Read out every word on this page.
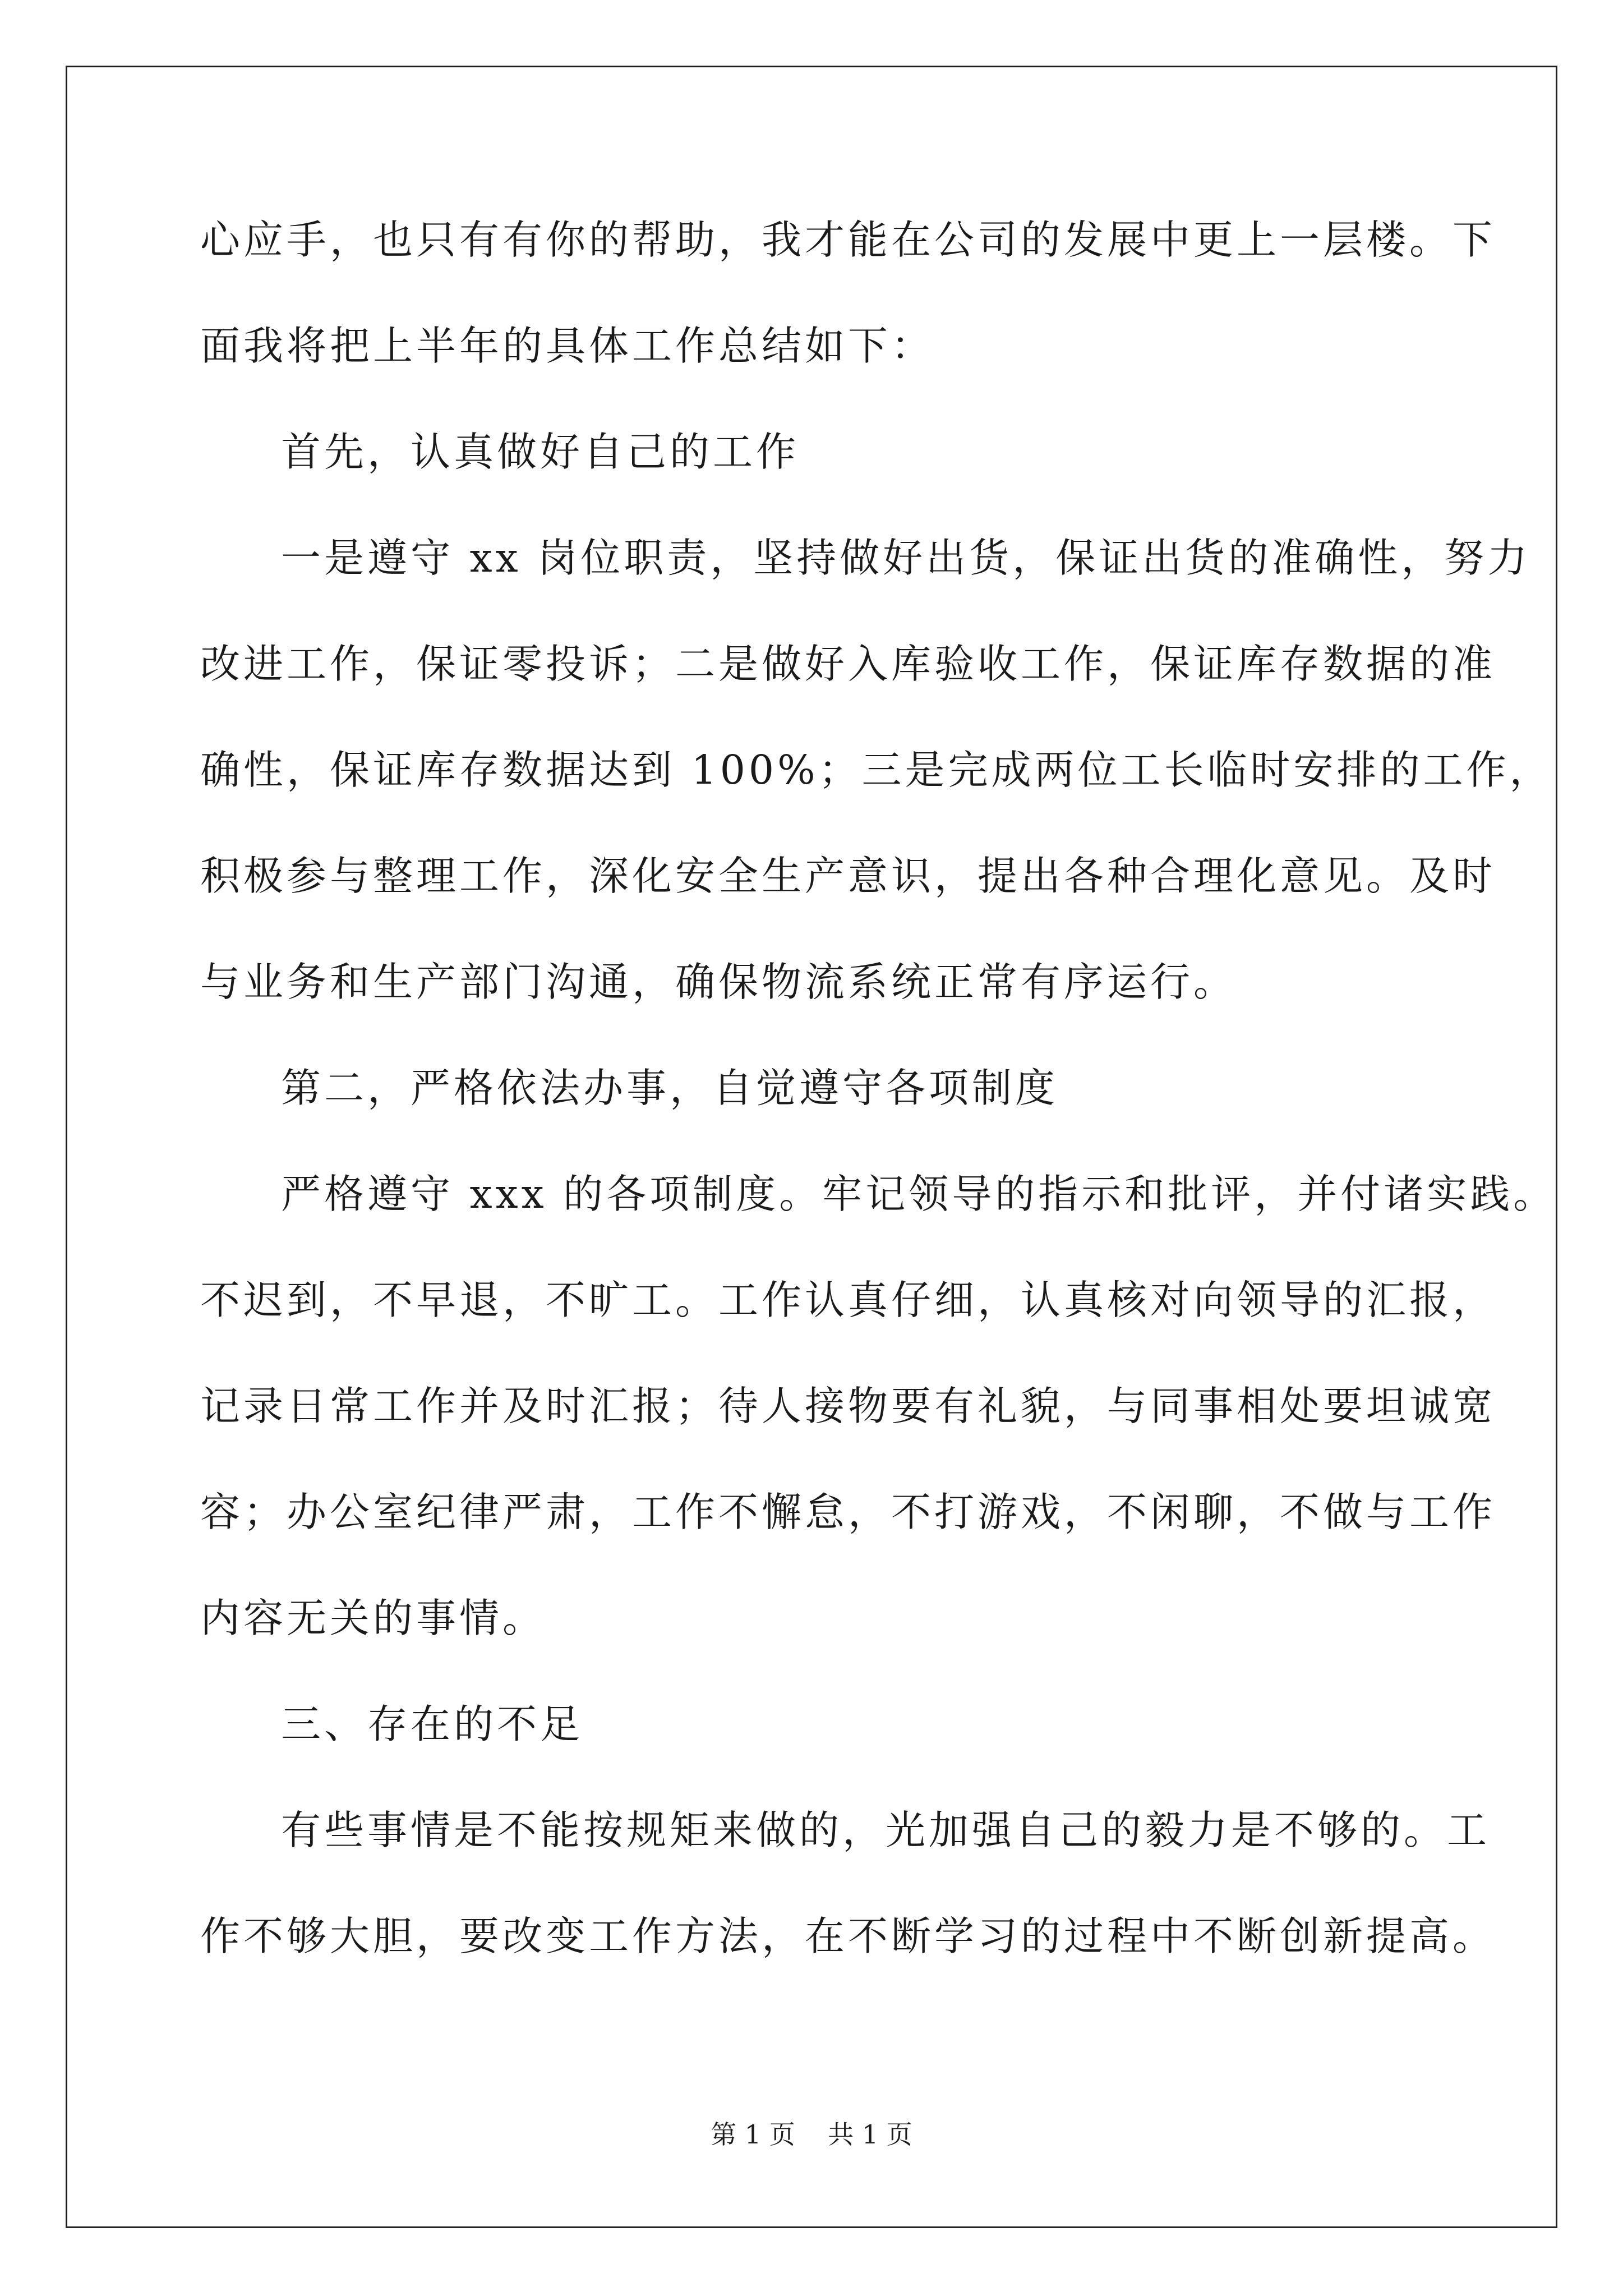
心应手，也只有有你的帮助，我才能在公司的发展中更上一层楼。下
面我将把上半年的具体工作总结如下：
首先，认真做好自己的工作
一是遵守 xx 岗位职责，坚持做好出货，保证出货的准确性，努力
改进工作，保证零投诉；二是做好入库验收工作，保证库存数据的准
确性，保证库存数据达到 100%；三是完成两位工长临时安排的工作，
积极参与整理工作，深化安全生产意识，提出各种合理化意见。及时
与业务和生产部门沟通，确保物流系统正常有序运行。
第二，严格依法办事，自觉遵守各项制度
严格遵守 xxx 的各项制度。牢记领导的指示和批评，并付诸实践。
不迟到，不早退，不旷工。工作认真仔细，认真核对向领导的汇报，
记录日常工作并及时汇报；待人接物要有礼貌，与同事相处要坦诚宽
容；办公室纪律严肃，工作不懈怠，不打游戏，不闲聊，不做与工作
内容无关的事情。
三、存在的不足
有些事情是不能按规矩来做的，光加强自己的毅力是不够的。工
作不够大胆，要改变工作方法，在不断学习的过程中不断创新提高。
第 1 页    共 1 页
